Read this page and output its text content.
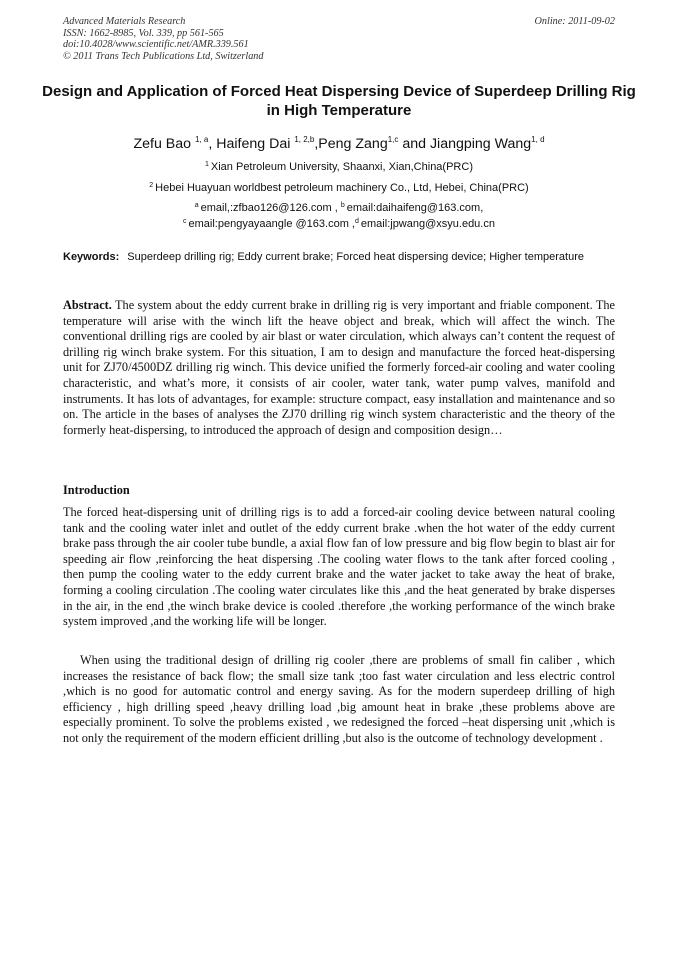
Advanced Materials Research
ISSN: 1662-8985, Vol. 339, pp 561-565
doi:10.4028/www.scientific.net/AMR.339.561
© 2011 Trans Tech Publications Ltd, Switzerland
Online: 2011-09-02
Design and Application of Forced Heat Dispersing Device of Superdeep Drilling Rig in High Temperature
Zefu Bao $^{1, a}$, Haifeng Dai $^{1, 2,b}$,Peng Zang$^{1,c}$ and Jiangping Wang$^{1, d}$
$^1$ Xian Petroleum University, Shaanxi, Xian,China(PRC)
$^2$ Hebei Huayuan worldbest petroleum machinery Co., Ltd, Hebei, China(PRC)
$^a$ email,:zfbao126@126.com , $^b$ email:daihaifeng@163.com,
$^c$ email:pengyayaangle @163.com ,$^d$ email:jpwang@xsyu.edu.cn
Keywords: Superdeep drilling rig; Eddy current brake; Forced heat dispersing device; Higher temperature
Abstract. The system about the eddy current brake in drilling rig is very important and friable component. The temperature will arise with the winch lift the heave object and break, which will affect the winch. The conventional drilling rigs are cooled by air blast or water circulation, which always can’t content the request of drilling rig winch brake system. For this situation, I am to design and manufacture the forced heat-dispersing unit for ZJ70/4500DZ drilling rig winch. This device unified the formerly forced-air cooling and water cooling characteristic, and what’s more, it consists of air cooler, water tank, water pump valves, manifold and instruments. It has lots of advantages, for example: structure compact, easy installation and maintenance and so on. The article in the bases of analyses the ZJ70 drilling rig winch system characteristic and the theory of the formerly heat-dispersing, to introduced the approach of design and composition design…
Introduction
The forced heat-dispersing unit of drilling rigs is to add a forced-air cooling device between natural cooling tank and the cooling water inlet and outlet of the eddy current brake .when the hot water of the eddy current brake pass through the air cooler tube bundle, a axial flow fan of low pressure and big flow begin to blast air for speeding air flow ,reinforcing the heat dispersing .The cooling water flows to the tank after forced cooling , then pump the cooling water to the eddy current brake and the water jacket to take away the heat of brake, forming a cooling circulation .The cooling water circulates like this ,and the heat generated by brake disperses in the air, in the end ,the winch brake device is cooled .therefore ,the working performance of the winch brake system improved ,and the working life will be longer.
When using the traditional design of drilling rig cooler ,there are problems of small fin caliber , which increases the resistance of back flow; the small size tank ;too fast water circulation and less electric control ,which is no good for automatic control and energy saving. As for the modern superdeep drilling of high efficiency , high drilling speed ,heavy drilling load ,big amount heat in brake ,these problems above are especially prominent. To solve the problems existed , we redesigned the forced –heat dispersing unit ,which is not only the requirement of the modern efficient drilling ,but also is the outcome of technology development .
